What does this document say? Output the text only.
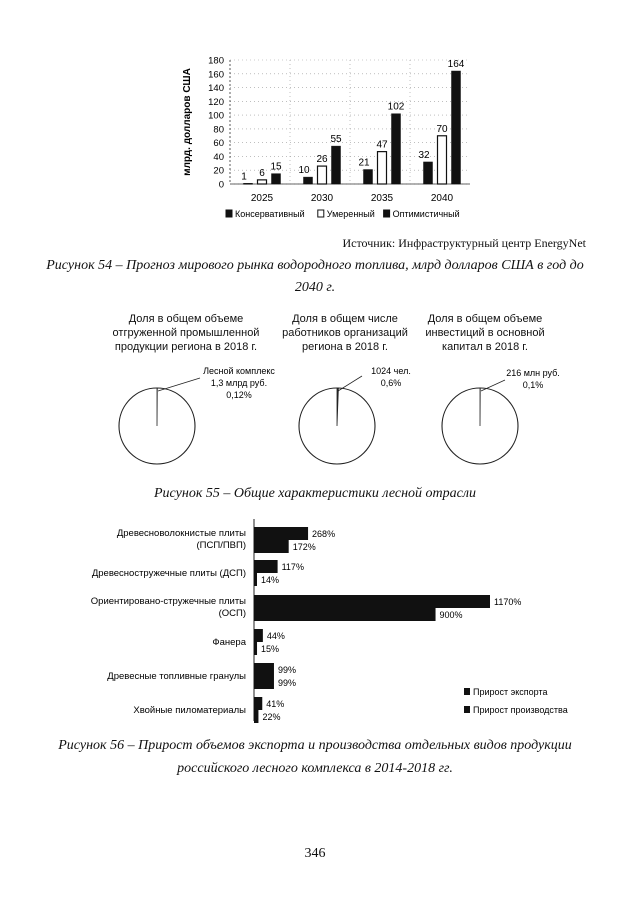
0
20
40
60
80
100
120
140
160
180
млрд. долларов США
2025
1 6
15
2030
10
26
55
2035
21
47
102
2040
32
70
164
Консервативный Умеренный Оптимистичный
Источник: Инфраструктурный центр EnergyNet
Рисунок 54 – Прогноз мирового рынка водородного топлива, млрд долларов США в год до
2040 г.
Доля в общем объеме
отгруженной промышленной
продукции региона в 2018 г.
Доля в общем числе
работников организаций
региона в 2018 г.
Доля в общем объеме
инвестиций в основной
капитал в 2018 г.
Лесной комплекс
1,3 млрд руб.
0,12%
1024 чел.
0,6%
216 млн руб.
0,1%
Рисунок 55 – Общие характеристики лесной отрасли
Древесноволокнистые плиты
(ПСП/ПВП)
268%
172%
Древесностружечные плиты (ДСП)
117%
14%
Ориентировано-стружечные плиты
(ОСП)
1170%
900%
Фанера
44%
15%
Древесные топливные гранулы
99%
99%
Хвойные пиломатериалы
41%
22%
Прирост экспорта
Прирост производства
Рисунок 56 – Прирост объемов экспорта и производства отдельных видов продукции
российского лесного комплекса в 2014-2018 гг.
346
